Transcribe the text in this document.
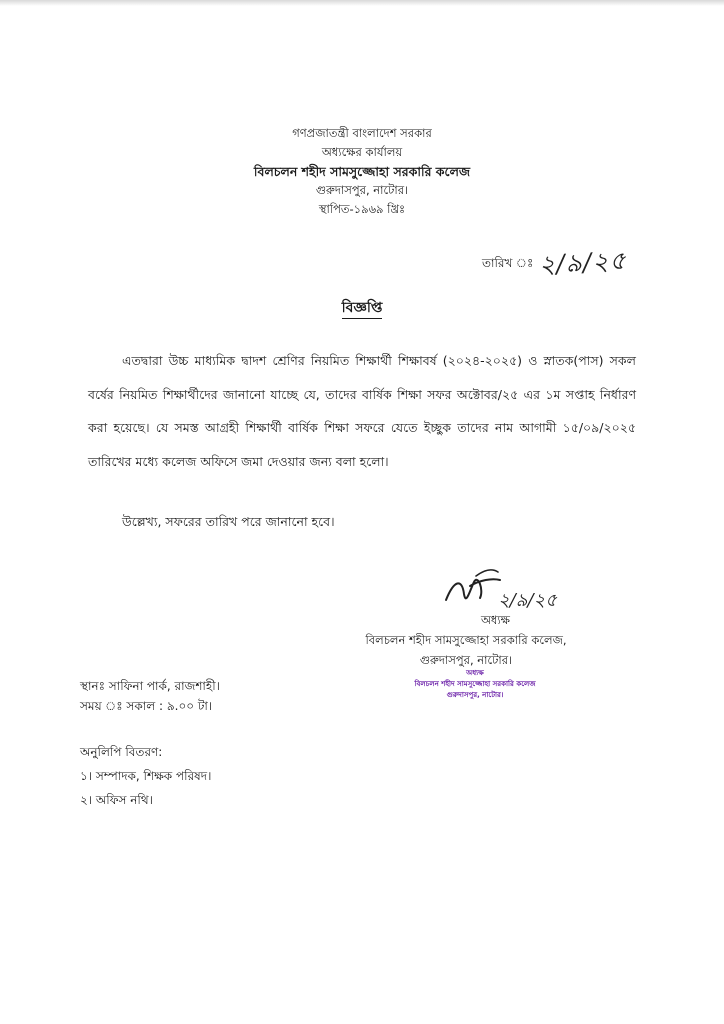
গণপ্রজাতন্ত্রী বাংলাদেশ সরকার
অধ্যক্ষের কার্যালয়
বিলচলন শহীদ সামসুজ্জোহা সরকারি কলেজ
গুরুদাসপুর, নাটোর।
স্থাপিত-১৯৬৯ খ্রিঃ
তারিখ ঃ ২/৯/২৫
বিজ্ঞপ্তি

এতদ্বারা উচ্চ মাধ্যমিক দ্বাদশ শ্রেণির নিয়মিত শিক্ষার্থী শিক্ষাবর্ষ (২০২৪-২০২৫) ও স্নাতক(পাস) সকল বর্ষের নিয়মিত শিক্ষার্থীদের জানানো যাচ্ছে যে, তাদের বার্ষিক শিক্ষা সফর অক্টোবর/২৫ এর ১ম সপ্তাহ নির্ধারণ করা হয়েছে। যে সমস্ত আগ্রহী শিক্ষার্থী বার্ষিক শিক্ষা সফরে যেতে ইচ্ছুক তাদের নাম আগামী ১৫/০৯/২০২৫ তারিখের মধ্যে কলেজ অফিসে জমা দেওয়ার জন্য বলা হলো।

উল্লেখ্য, সফরের তারিখ পরে জানানো হবে।

২/৯/২৫
অধ্যক্ষ
বিলচলন শহীদ সামসুজ্জোহা সরকারি কলেজ,
গুরুদাসপুর, নাটোর।
অধ্যক্ষ
বিলচলন শহীদ সামসুজ্জোহা সরকারি কলেজ
গুরুদাসপুর, নাটোর।
স্থানঃ সাফিনা পার্ক, রাজশাহী।
সময় ঃ সকাল : ৯.০০ টা।
অনুলিপি বিতরণ:
১। সম্পাদক, শিক্ষক পরিষদ।
২। অফিস নথি।
